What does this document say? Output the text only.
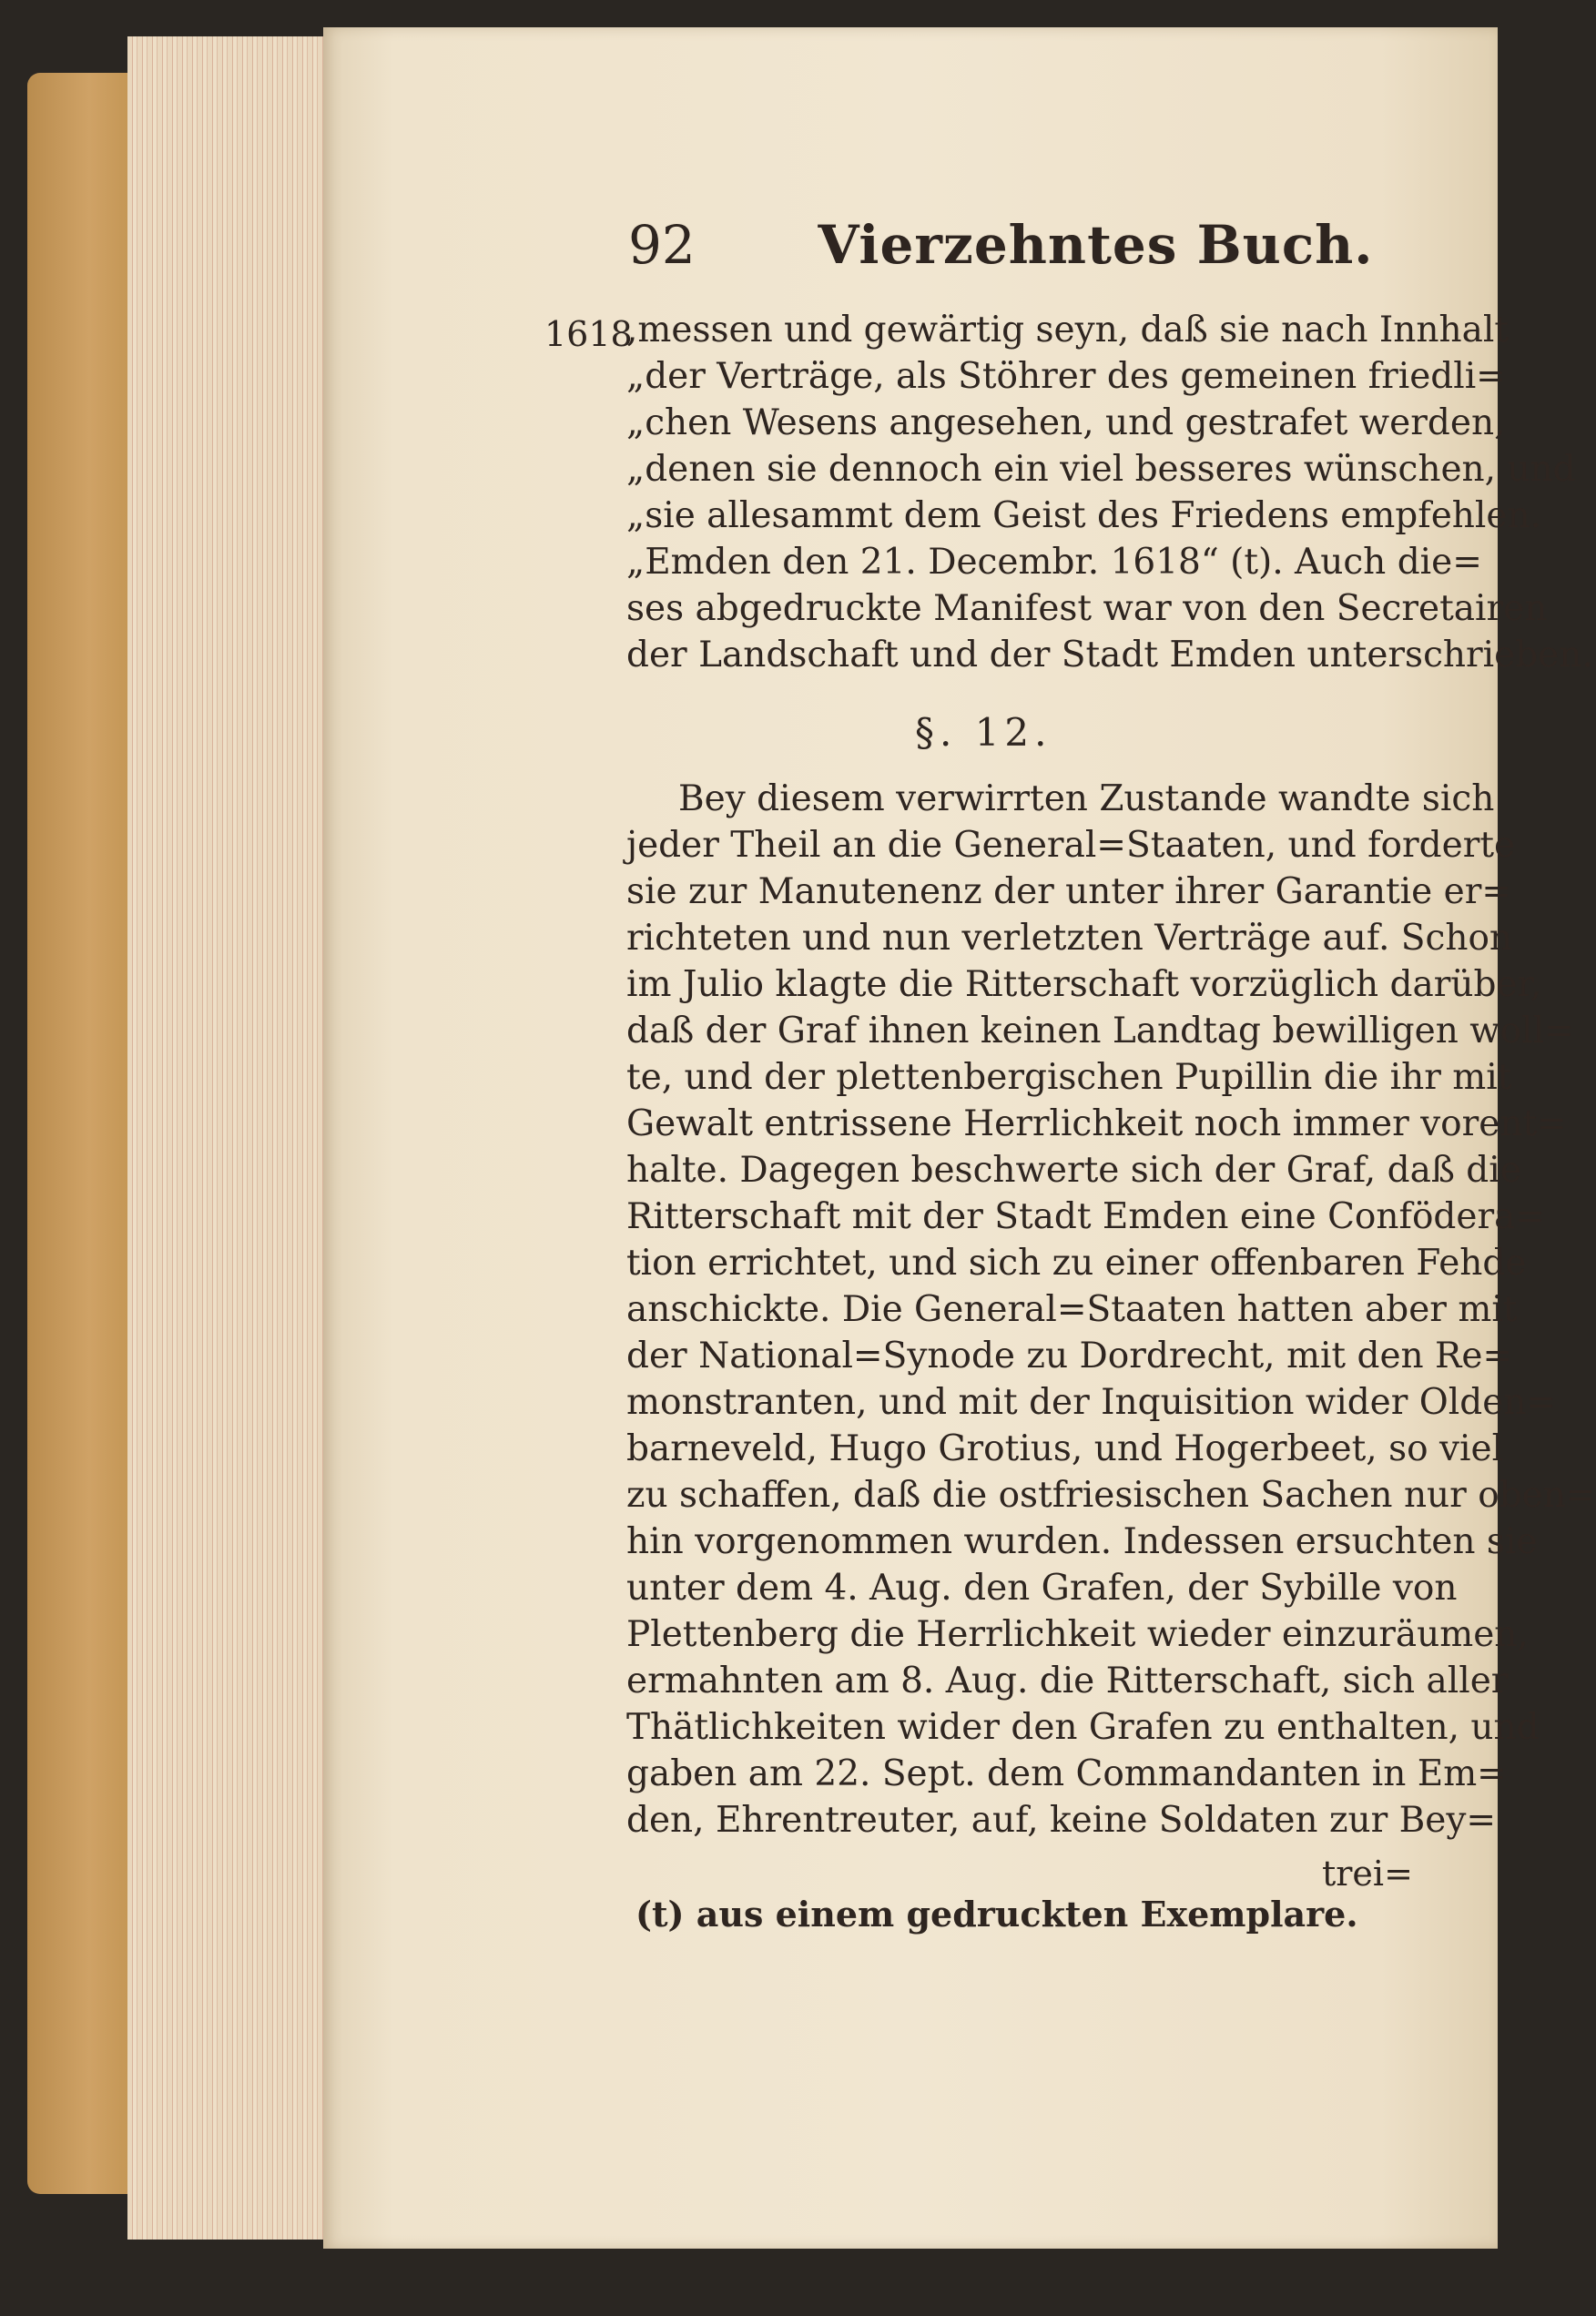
92 Vierzehntes Buch.
1618
,messen und gewärtig seyn, daß sie nach Innhalt
„der Verträge, als Stöhrer des gemeinen friedli=
„chen Wesens angesehen, und gestrafet werden,
„denen sie dennoch ein viel besseres wünschen, und
„sie allesammt dem Geist des Friedens empfehlen.
„Emden den 21. Decembr. 1618“ (t). Auch die=
ses abgedruckte Manifest war von den Secretairen
der Landschaft und der Stadt Emden unterschrieben.
§. 12.
Bey diesem verwirrten Zustande wandte sich
jeder Theil an die General=Staaten, und forderte
sie zur Manutenenz der unter ihrer Garantie er=
richteten und nun verletzten Verträge auf. Schon
im Julio klagte die Ritterschaft vorzüglich darüber,
daß der Graf ihnen keinen Landtag bewilligen woll=
te, und der plettenbergischen Pupillin die ihr mit
Gewalt entrissene Herrlichkeit noch immer vorent=
halte. Dagegen beschwerte sich der Graf, daß die
Ritterschaft mit der Stadt Emden eine Confödera=
tion errichtet, und sich zu einer offenbaren Fehde
anschickte. Die General=Staaten hatten aber mit
der National=Synode zu Dordrecht, mit den Re=
monstranten, und mit der Inquisition wider Olden=
barneveld, Hugo Grotius, und Hogerbeet, so viel
zu schaffen, daß die ostfriesischen Sachen nur oben=
hin vorgenommen wurden. Indessen ersuchten sie
unter dem 4. Aug. den Grafen, der Sybille von
Plettenberg die Herrlichkeit wieder einzuräumen,
ermahnten am 8. Aug. die Ritterschaft, sich aller
Thätlichkeiten wider den Grafen zu enthalten, und
gaben am 22. Sept. dem Commandanten in Em=
den, Ehrentreuter, auf, keine Soldaten zur Bey=
trei=
(t) aus einem gedruckten Exemplare.
